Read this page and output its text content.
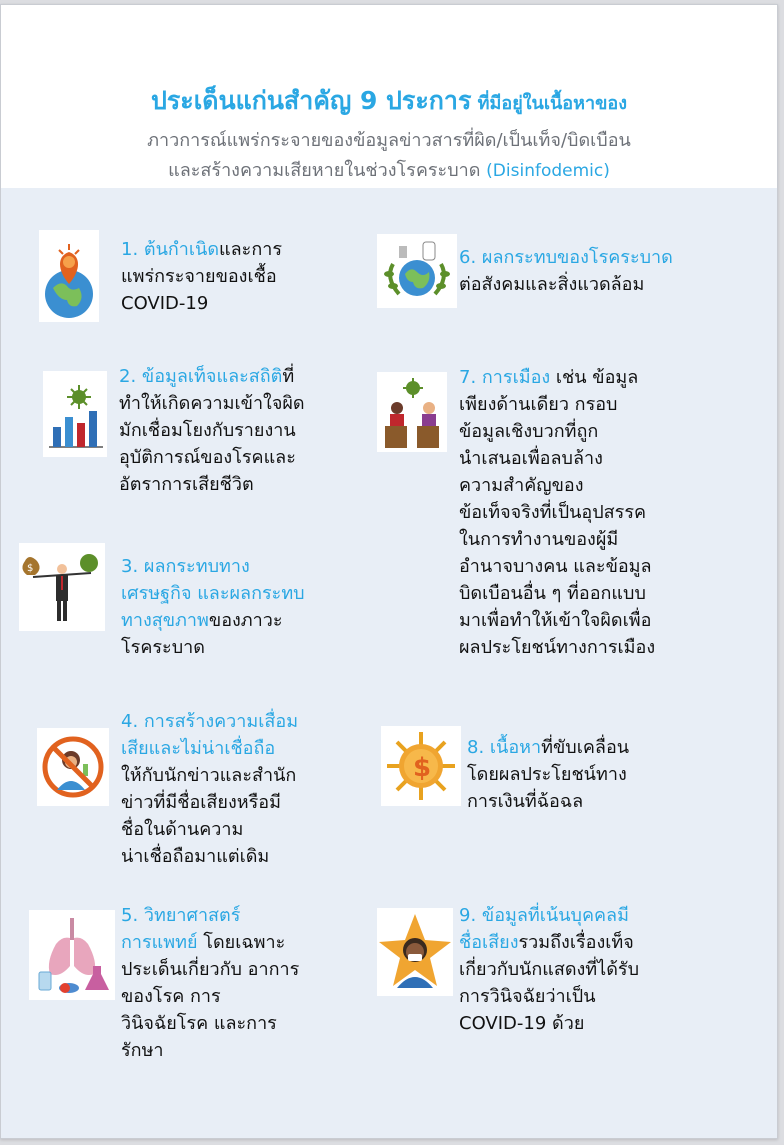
ประเด็นแก่นสำคัญ 9 ประการ ที่มีอยู่ในเนื้อหาของ
ภาวการณ์แพร่กระจายของข้อมูลข่าวสารที่ผิด/เป็นเท็จ/บิดเบือน
และสร้างความเสียหายในช่วงโรคระบาด (Disinfodemic)
1. ต้นกำเนิดและการ
แพร่กระจายของเชื้อ
COVID-19
2. ข้อมูลเท็จและสถิติที่
ทำให้เกิดความเข้าใจผิด
มักเชื่อมโยงกับรายงาน
อุบัติการณ์ของโรคและ
อัตราการเสียชีวิต
$	3. ผลกระทบทาง
เศรษฐกิจ และผลกระทบ
ทางสุขภาพของภาวะ
โรคระบาด
4. การสร้างความเสื่อม
เสียและไม่น่าเชื่อถือ
ให้กับนักข่าวและสำนัก
ข่าวที่มีชื่อเสียงหรือมี
ชื่อในด้านความ
น่าเชื่อถือมาแต่เดิม
5. วิทยาศาสตร์
การแพทย์ โดยเฉพาะ
ประเด็นเกี่ยวกับ อาการ
ของโรค การ
วินิจฉัยโรค และการ
รักษา
6. ผลกระทบของโรคระบาด
ต่อสังคมและสิ่งแวดล้อม
7. การเมือง เช่น ข้อมูล
เพียงด้านเดียว กรอบ
ข้อมูลเชิงบวกที่ถูก
นำเสนอเพื่อลบล้าง
ความสำคัญของ
ข้อเท็จจริงที่เป็นอุปสรรค
ในการทำงานของผู้มี
อำนาจบางคน และข้อมูล
บิดเบือนอื่น ๆ ที่ออกแบบ
มาเพื่อทำให้เข้าใจผิดเพื่อ
ผลประโยชน์ทางการเมือง
$
8. เนื้อหาที่ขับเคลื่อน
โดยผลประโยชน์ทาง
การเงินที่ฉ้อฉล
9. ข้อมูลที่เน้นบุคคลมี
ชื่อเสียงรวมถึงเรื่องเท็จ
เกี่ยวกับนักแสดงที่ได้รับ
การวินิจฉัยว่าเป็น
COVID-19 ด้วย
